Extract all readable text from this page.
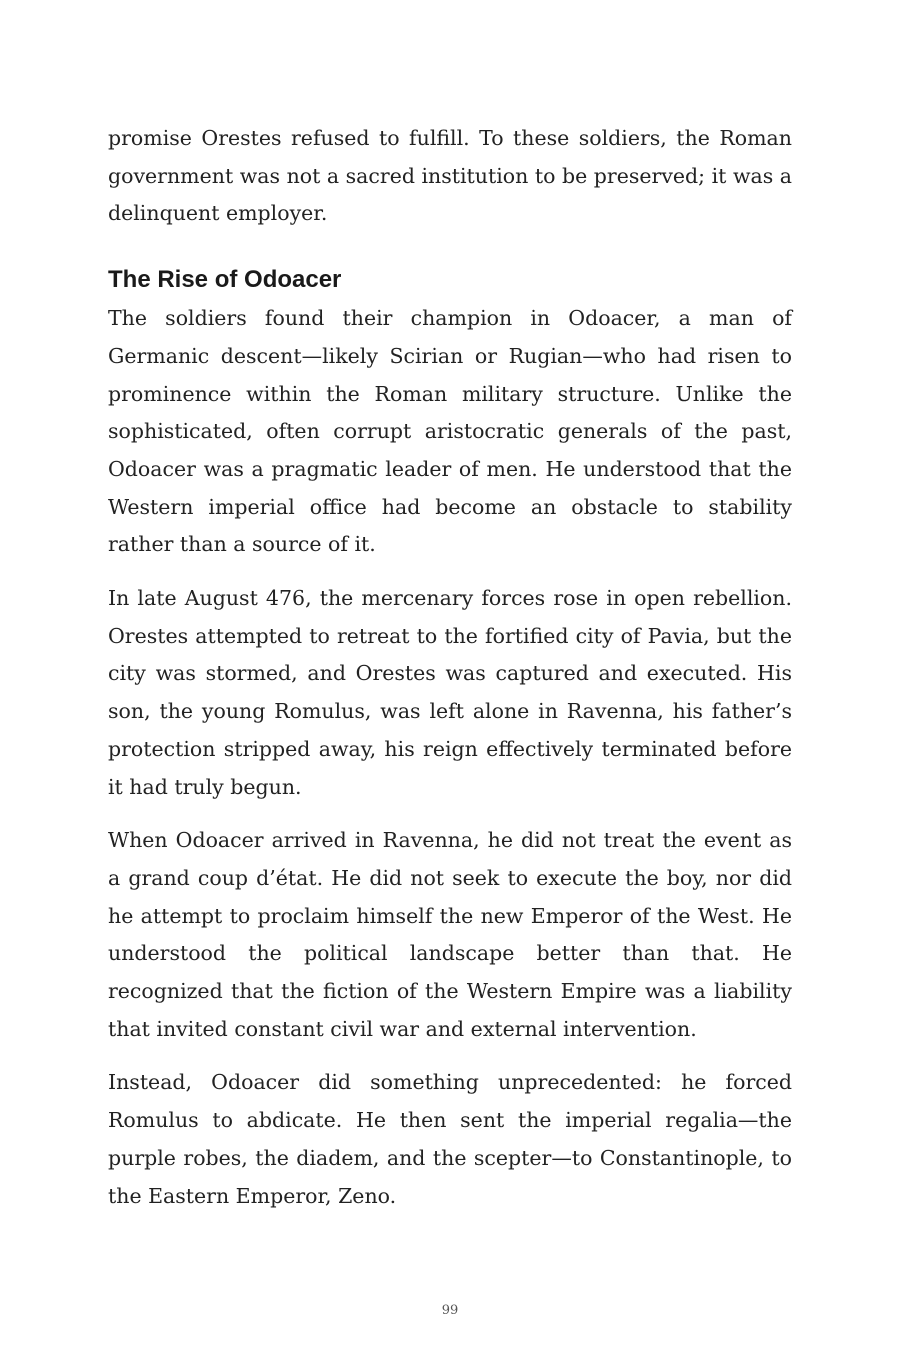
promise Orestes refused to fulfill. To these soldiers, the Roman government was not a sacred institution to be preserved; it was a delinquent employer.

The Rise of Odoacer

The soldiers found their champion in Odoacer, a man of Germanic descent—likely Scirian or Rugian—who had risen to prominence within the Roman military structure. Unlike the sophisticated, often corrupt aristocratic generals of the past, Odoacer was a pragmatic leader of men. He understood that the Western imperial office had become an obstacle to stability rather than a source of it.

In late August 476, the mercenary forces rose in open rebellion. Orestes attempted to retreat to the fortified city of Pavia, but the city was stormed, and Orestes was captured and executed. His son, the young Romulus, was left alone in Ravenna, his father’s protection stripped away, his reign effectively terminated before it had truly begun.

When Odoacer arrived in Ravenna, he did not treat the event as a grand coup d’état. He did not seek to execute the boy, nor did he attempt to proclaim himself the new Emperor of the West. He understood the political landscape better than that. He recognized that the fiction of the Western Empire was a liability that invited constant civil war and external intervention.

Instead, Odoacer did something unprecedented: he forced Romulus to abdicate. He then sent the imperial regalia—the purple robes, the diadem, and the scepter—to Constantinople, to the Eastern Emperor, Zeno.

99
